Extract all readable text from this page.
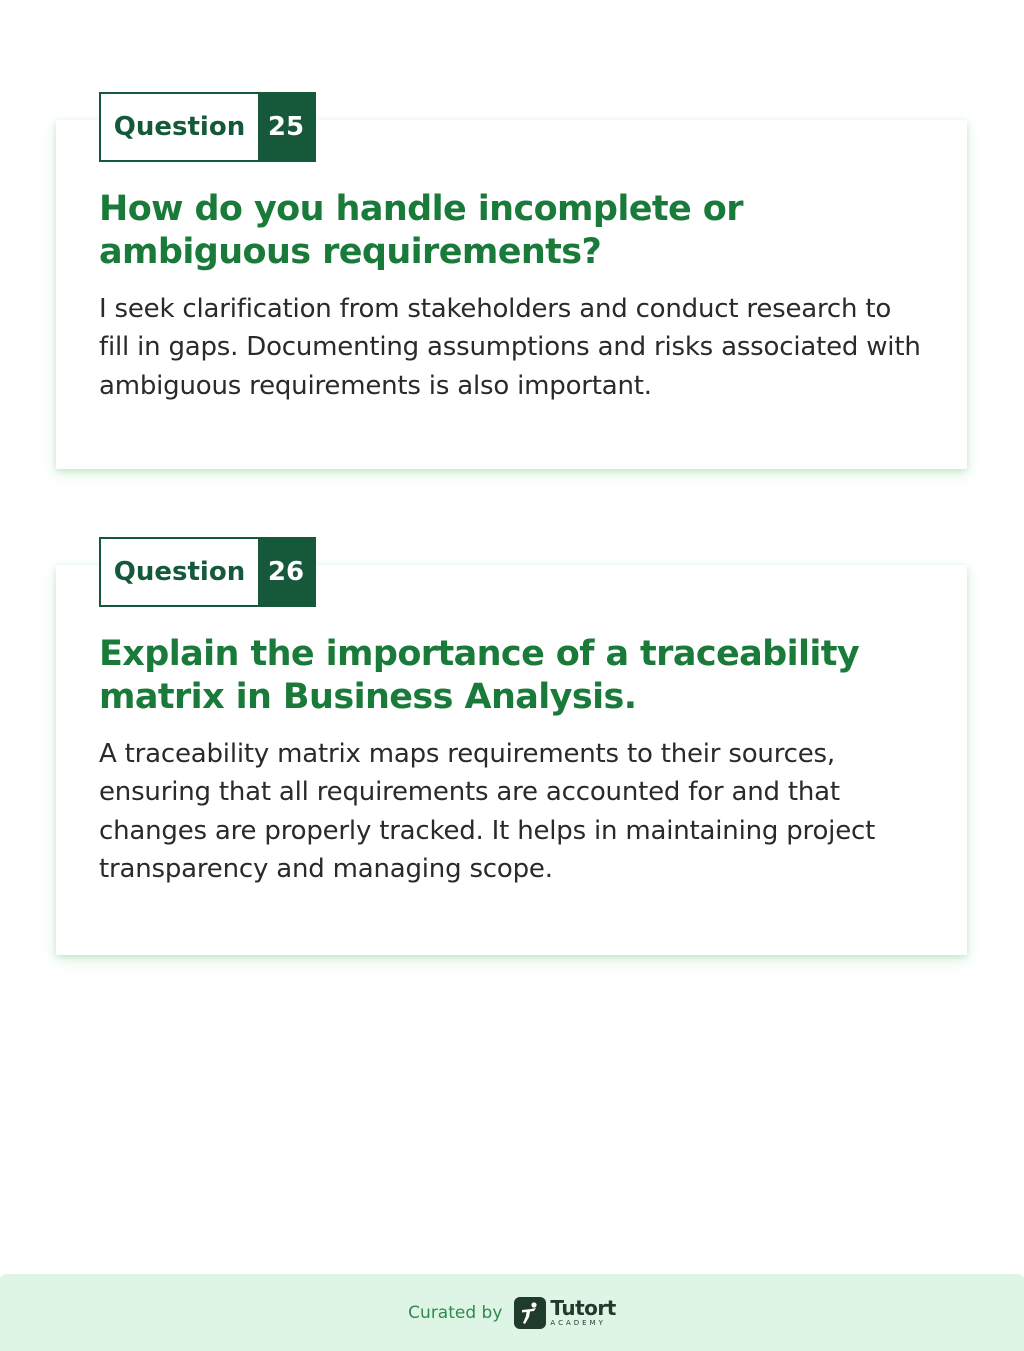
Question 25
How do you handle incomplete or ambiguous requirements?

I seek clarification from stakeholders and conduct research to fill in gaps. Documenting assumptions and risks associated with ambiguous requirements is also important.

Question 26
Explain the importance of a traceability matrix in Business Analysis.

A traceability matrix maps requirements to their sources, ensuring that all requirements are accounted for and that changes are properly tracked. It helps in maintaining project transparency and managing scope.

Curated by Tutort
ACADEMY
